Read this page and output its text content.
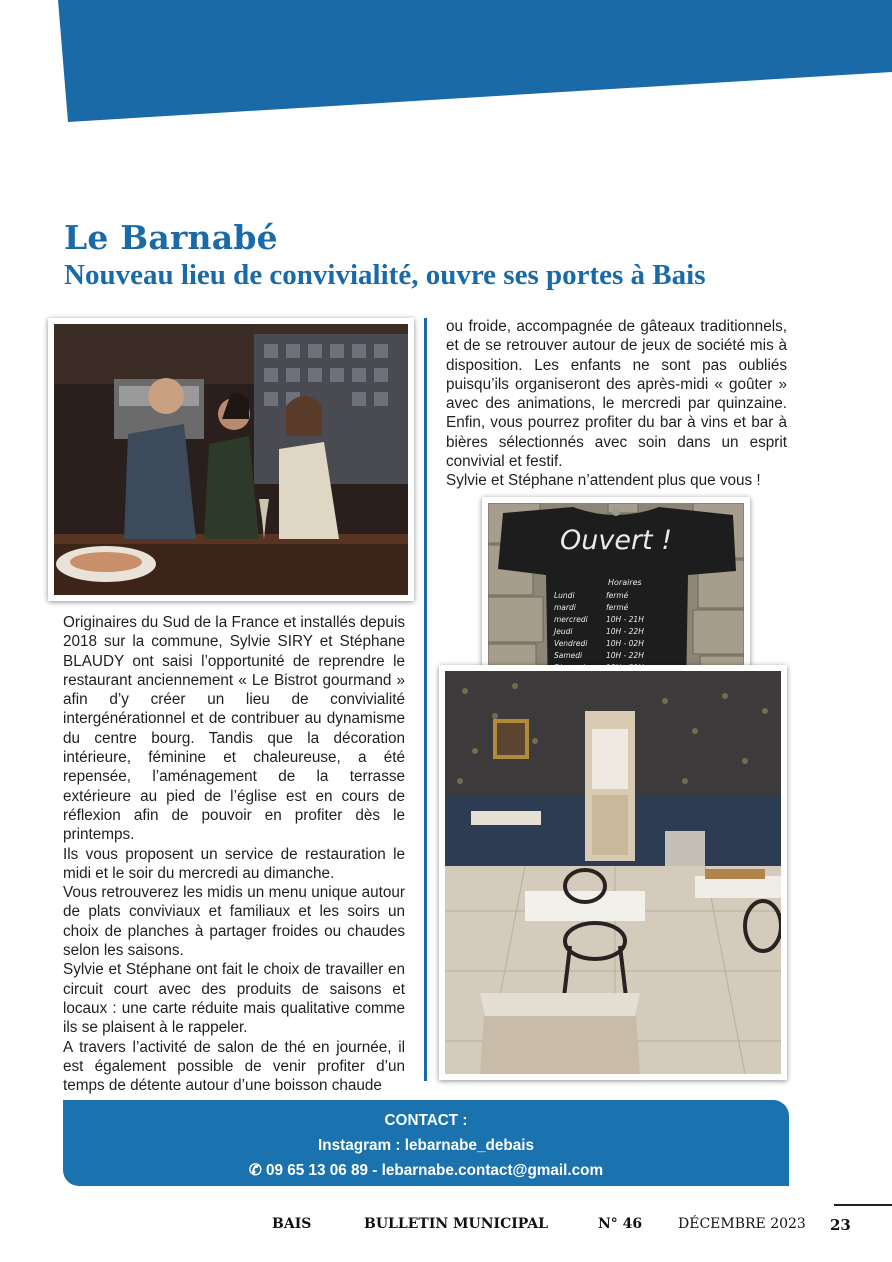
Le Barnabé
Nouveau lieu de convivialité, ouvre ses portes à Bais

Originaires du Sud de la France et installés depuis 2018 sur la commune, Sylvie SIRY et Stéphane BLAUDY ont saisi l’opportunité de reprendre le restaurant anciennement « Le Bistrot gourmand » afin d’y créer un lieu de convivialité intergénérationnel et de contribuer au dynamisme du centre bourg. Tandis que la décoration intérieure, féminine et chaleureuse, a été repensée, l’aménagement de la terrasse extérieure au pied de l’église est en cours de réflexion afin de pouvoir en profiter dès le printemps.

Ils vous proposent un service de restauration le midi et le soir du mercredi au dimanche.

Vous retrouverez les midis un menu unique autour de plats conviviaux et familiaux et les soirs un choix de planches à partager froides ou chaudes selon les saisons.

Sylvie et Stéphane ont fait le choix de travailler en circuit court avec des produits de saisons et locaux : une carte réduite mais qualitative comme ils se plaisent à le rappeler.

A travers l’activité de salon de thé en journée, il est également possible de venir profiter d’un temps de détente autour d’une boisson chaude

ou froide, accompagnée de gâteaux traditionnels, et de se retrouver autour de jeux de société mis à disposition. Les enfants ne sont pas oubliés puisqu’ils organiseront des après-midi « goûter » avec des animations, le mercredi par quinzaine. Enfin, vous pourrez profiter du bar à vins et bar à bières sélectionnés avec soin dans un esprit convivial et festif.

Sylvie et Stéphane n’attendent plus que vous !

Ouvert !
Horaires
Lundi	fermé
mardi	fermé
mercredi 10H - 21H
Jeudi	10H - 22H
Vendredi 10H - 02H
Samedi	10H - 22H
CONTACT :
Instagram : lebarnabe_debais
✆ 09 65 13 06 89 - lebarnabe.contact@gmail.com
BAIS	BULLETIN MUNICIPAL	N° 46	DÉCEMBRE 2023 23
